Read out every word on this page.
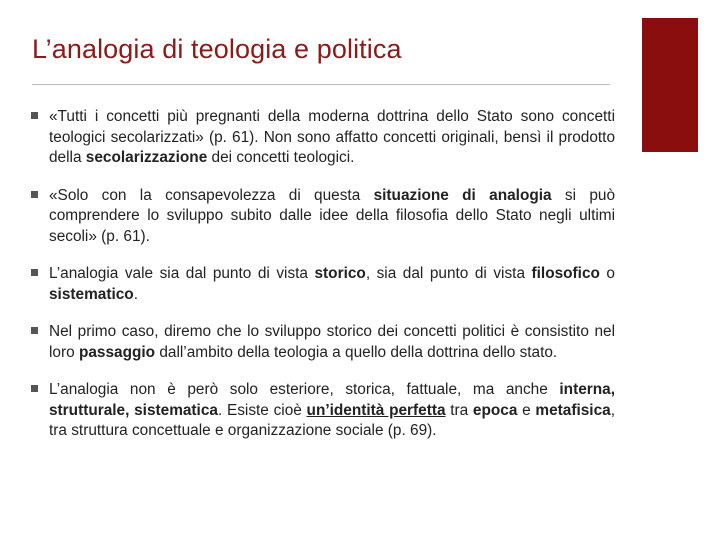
L’analogia di teologia e politica
«Tutti i concetti più pregnanti della moderna dottrina dello Stato sono concetti teologici secolarizzati» (p. 61). Non sono affatto concetti originali, bensì il prodotto della secolarizzazione dei concetti teologici.
«Solo con la consapevolezza di questa situazione di analogia si può comprendere lo sviluppo subito dalle idee della filosofia dello Stato negli ultimi secoli» (p. 61).
L’analogia vale sia dal punto di vista storico, sia dal punto di vista filosofico o sistematico.
Nel primo caso, diremo che lo sviluppo storico dei concetti politici è consistito nel loro passaggio dall’ambito della teologia a quello della dottrina dello stato.
L’analogia non è però solo esteriore, storica, fattuale, ma anche interna, strutturale, sistematica. Esiste cioè un’identità perfetta tra epoca e metafisica, tra struttura concettuale e organizzazione sociale (p. 69).
